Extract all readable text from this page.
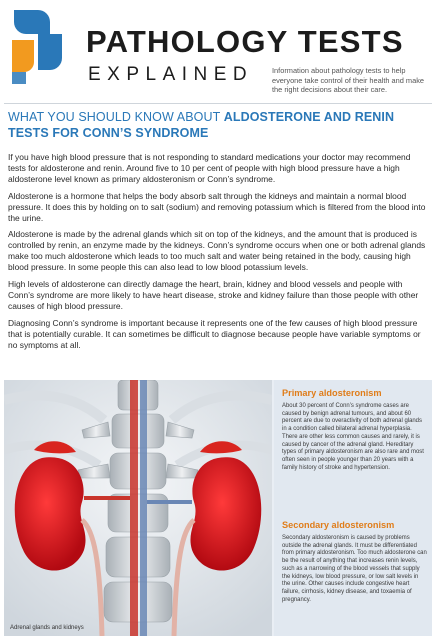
PATHOLOGY TESTS
EXPLAINED	Information about pathology tests to help everyone take control of their health and make the right decisions about their care.
WHAT YOU SHOULD KNOW ABOUT ALDOSTERONE AND RENIN TESTS FOR CONN’S SYNDROME

If you have high blood pressure that is not responding to standard medications your doctor may recommend tests for aldosterone and renin. Around five to 10 per cent of people with high blood pressure have a high aldosterone level known as primary aldosteronism or Conn’s syndrome.

Aldosterone is a hormone that helps the body absorb salt through the kidneys and maintain a normal blood pressure. It does this by holding on to salt (sodium) and removing potassium which is filtered from the blood into the urine.

Aldosterone is made by the adrenal glands which sit on top of the kidneys, and the amount that is produced is controlled by renin, an enzyme made by the kidneys. Conn’s syndrome occurs when one or both adrenal glands make too much aldosterone which leads to too much salt and water being retained in the body, causing high blood pressure. In some people this can also lead to low blood potassium levels.

High levels of aldosterone can directly damage the heart, brain, kidney and blood vessels and people with Conn’s syndrome are more likely to have heart disease, stroke and kidney failure than those people with other causes of high blood pressure.

Diagnosing Conn’s syndrome is important because it represents one of the few causes of high blood pressure that is potentially curable. It can sometimes be difficult to diagnose because people have variable symptoms or no symptoms at all.

Adrenal glands and kidneys
Primary aldosteronism
About 30 percent of Conn’s syndrome cases are caused by benign adrenal tumours, and about 60 percent are due to overactivity of both adrenal glands in a condition called bilateral adrenal hyperplasia. There are other less common causes and rarely, it is caused by cancer of the adrenal gland. Hereditary types of primary aldosteronism are also rare and most often seen in people younger than 20 years with a family history of stroke and hypertension.
Secondary aldosteronism
Secondary aldosteronism is caused by problems outside the adrenal glands. It must be differentiated from primary aldosteronism. Too much aldosterone can be the result of anything that increases renin levels, such as a narrowing of the blood vessels that supply the kidneys, low blood pressure, or low salt levels in the urine. Other causes include congestive heart failure, cirrhosis, kidney disease, and toxaemia of pregnancy.
